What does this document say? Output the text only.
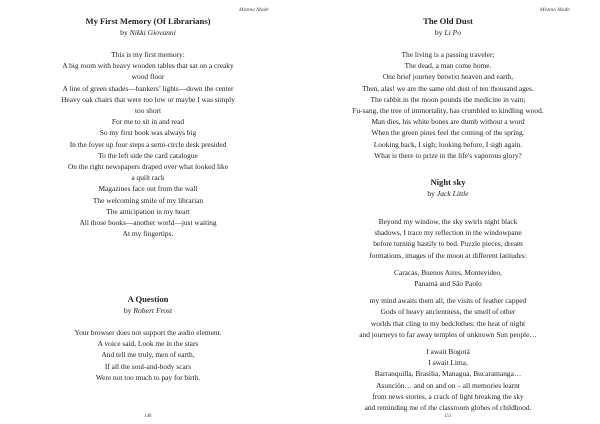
Mezmo Made
My First Memory (Of Librarians)
by Nikki Giovanni
This is my first memory:
A big room with heavy wooden tables that sat on a creaky
wood floor
A line of green shades—bankers’ lights—down the center
Heavy oak chairs that were too low or maybe I was simply
too short
For me to sit in and read
So my first book was always big
In the foyer up four steps a semi-circle desk presided
To the left side the card catalogue
On the right newspapers draped over what looked like
a quilt rack
Magazines face out from the wall
The welcoming smile of my librarian
The anticipation in my heart
All those books—another world—just waiting
At my fingertips.
A Question
by Robert Frost
Your browser does not support the audio element.
A voice said, Look me in the stars
And tell me truly, men of earth,
If all the soul-and-body scars
Were not too much to pay for birth.
148
Mezmo Made
The Old Dust
by Li Po
The living is a passing traveler;
The dead, a man come home.
One brief journey betwixt heaven and earth,
Then, alas! we are the same old dust of ten thousand ages.
The rabbit in the moon pounds the medicine in vain;
Fu-sang, the tree of immortality, has crumbled to kindling wood.
Man dies, his white bones are dumb without a word
When the green pines feel the coming of the spring.
Looking back, I sigh; looking before, I sigh again.
What is there to prize in the life's vaporous glory?
Night sky
by Jack Little
Beyond my window, the sky swirls night black
shadows, I trace my reflection in the windowpane
before turning hastily to bed. Puzzle pieces, dream
formations, images of the moon at different latitudes:
Caracas, Buenos Aires, Montevideo,
Panamá and São Paolo
my mind awaits them all, the visits of feather capped
Gods of heavy ancientness, the smell of other
worlds that cling to my bedclothes: the heat of night
and journeys to far away temples of unknown Sun people…
I await Bogotá
I await Lima,
Barranquilla, Brasilia, Managua, Bucaramanga…
Asunción… and on and on – all memories learnt
from news stories, a crack of light breaking the sky
and reminding me of the classroom globes of childhood.
151
